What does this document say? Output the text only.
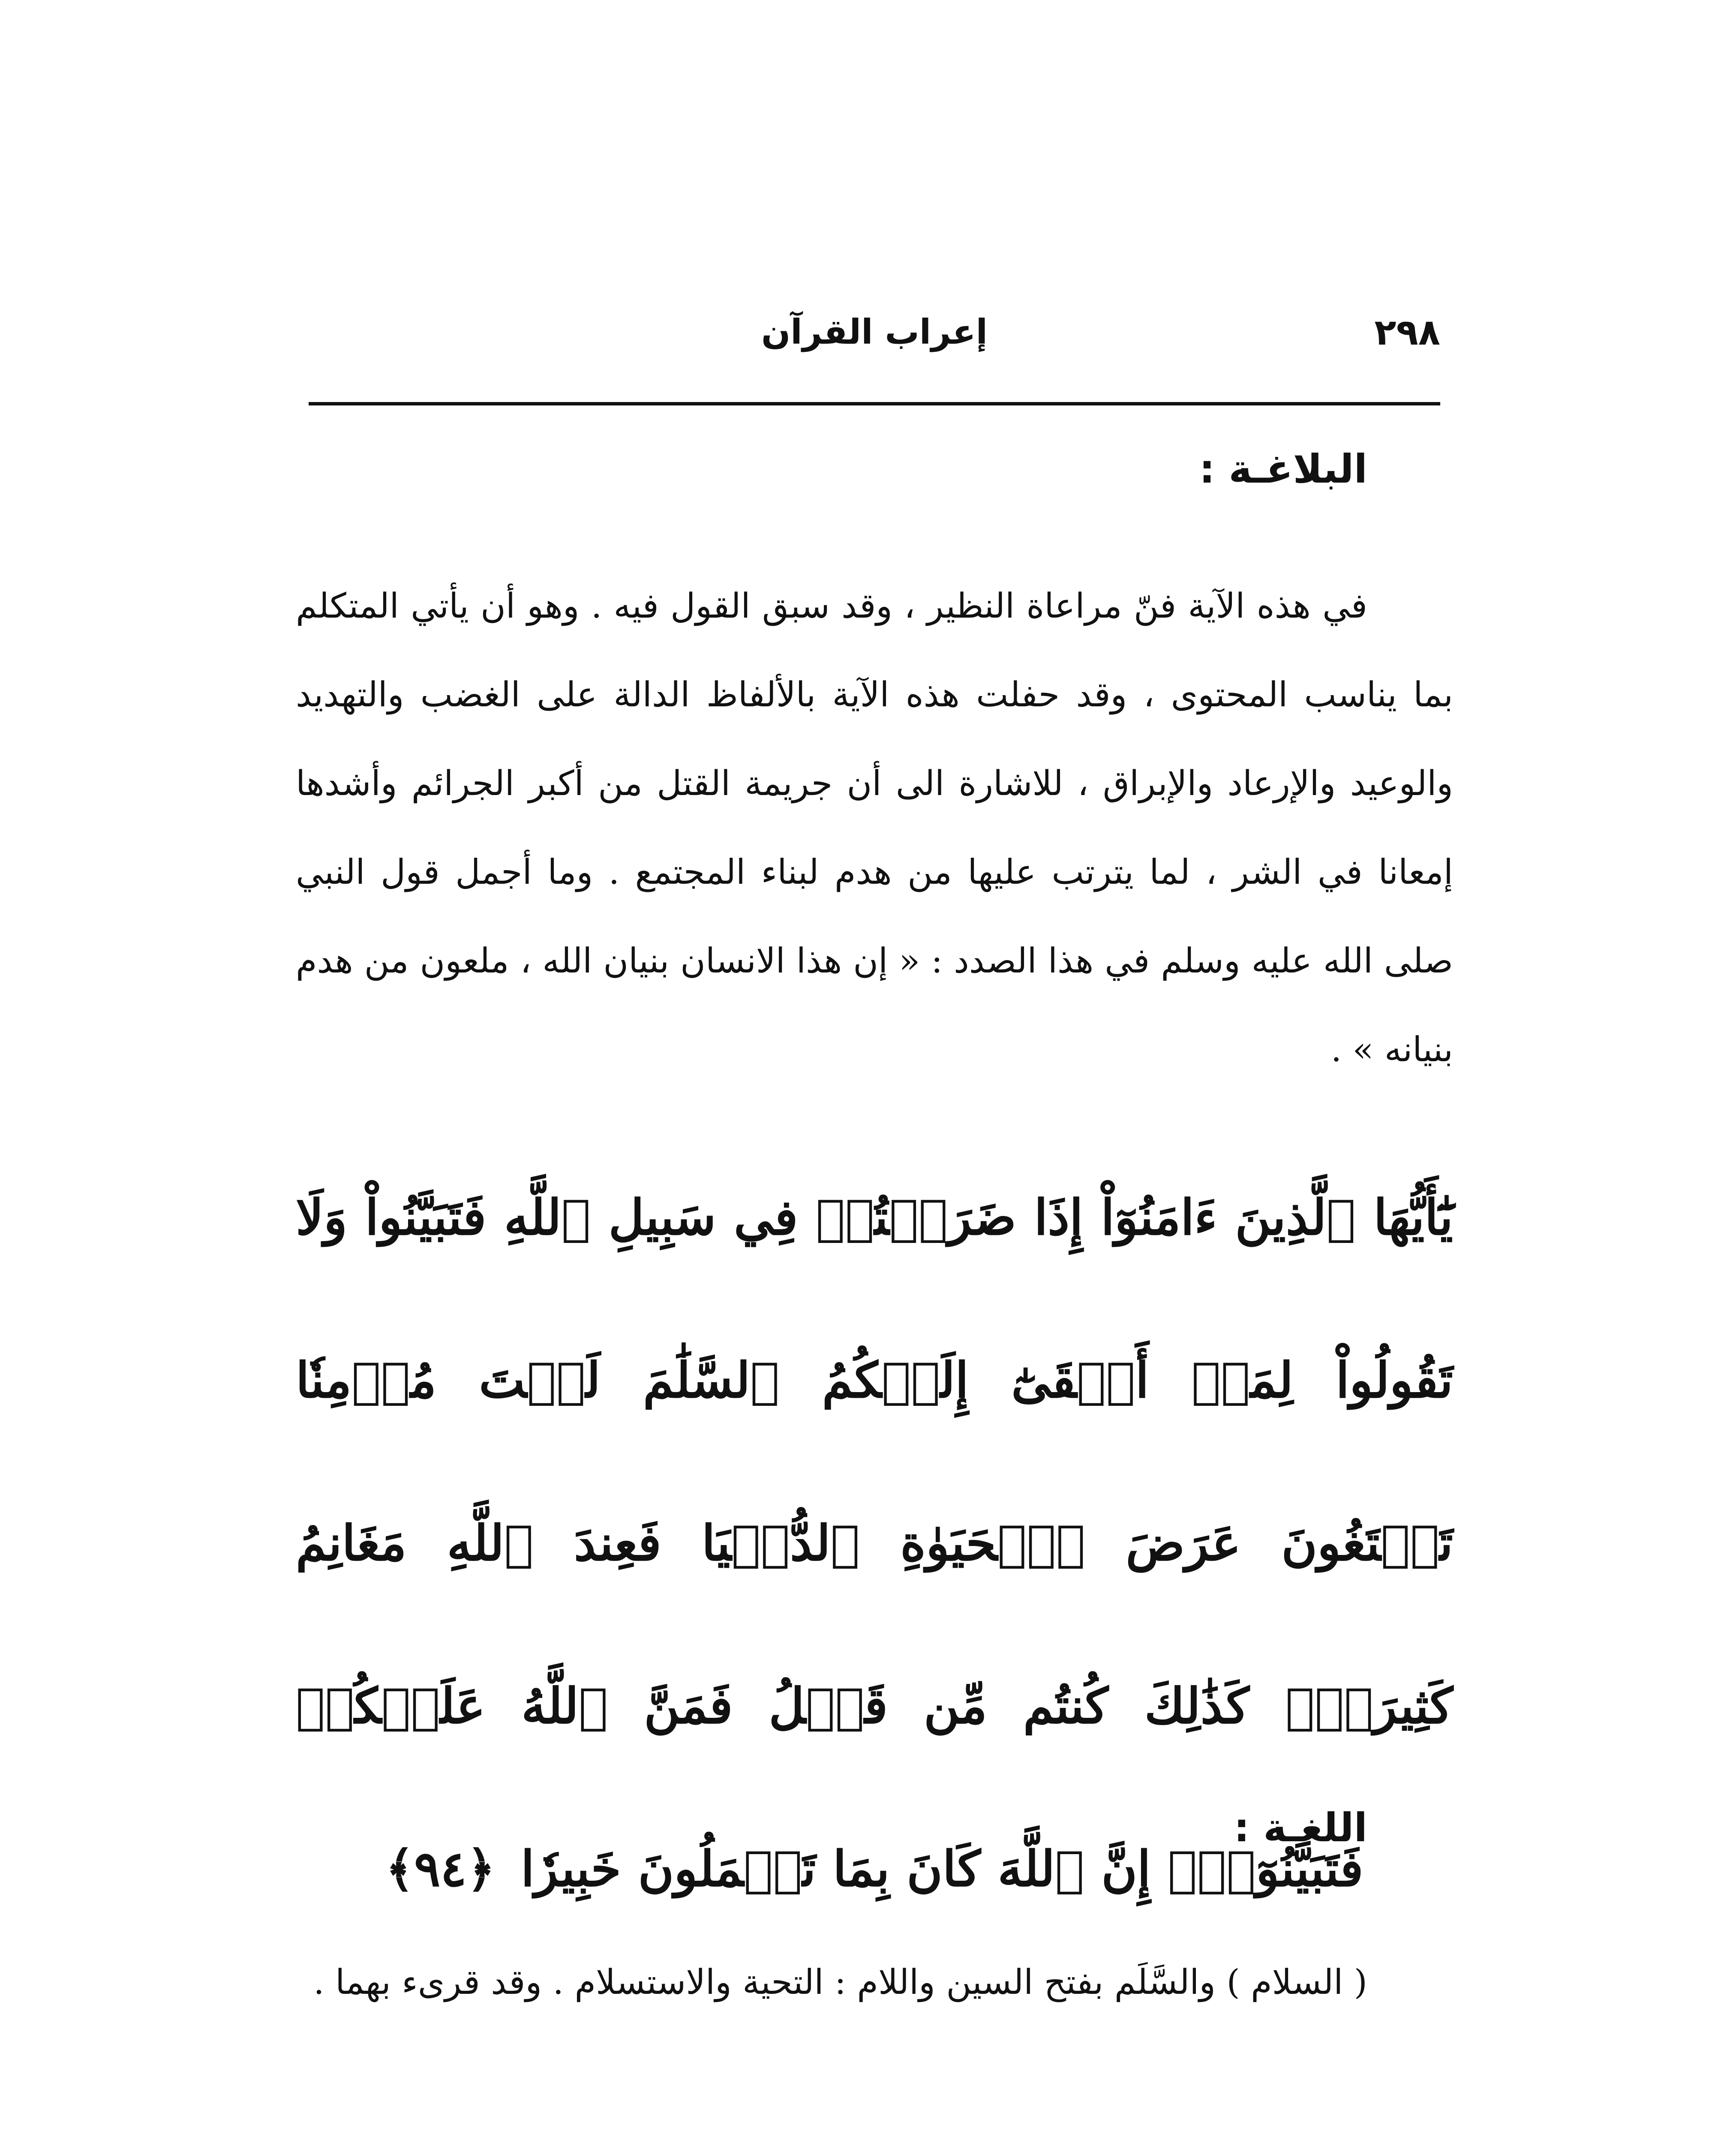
٢٩٨
إعراب القرآن
البلاغـة :
في هذه الآية فنّ مراعاة النظير ، وقد سبق القول فيه . وهو أن يأتي المتكلم بما يناسب المحتوى ، وقد حفلت هذه الآية بالألفاظ الدالة على الغضب والتهديد والوعيد والإرعاد والإبراق ، للاشارة الى أن جريمة القتل من أكبر الجرائم وأشدها إمعانا في الشر ، لما يترتب عليها من هدم لبناء المجتمع . وما أجمل قول النبي صلى الله عليه وسلم في هذا الصدد : « إن هذا الانسان بنيان الله ، ملعون من هدم بنيانه » .
يَٰٓأَيُّهَا ٱلَّذِينَ ءَامَنُوٓاْ إِذَا ضَرَبۡتُمۡ فِي سَبِيلِ ٱللَّهِ فَتَبَيَّنُواْ وَلَا تَقُولُواْ لِمَنۡ أَلۡقَىٰٓ إِلَيۡكُمُ ٱلسَّلَٰمَ لَسۡتَ مُؤۡمِنٗا تَبۡتَغُونَ عَرَضَ ٱلۡحَيَوٰةِ ٱلدُّنۡيَا فَعِندَ ٱللَّهِ مَغَانِمُ كَثِيرَةٞۚ كَذَٰلِكَ كُنتُم مِّن قَبۡلُ فَمَنَّ ٱللَّهُ عَلَيۡكُمۡ فَتَبَيَّنُوٓاْۚ إِنَّ ٱللَّهَ كَانَ بِمَا تَعۡمَلُونَ خَبِيرٗا ﴿٩٤﴾
اللغـة :
( السلام ) والسَّلَم بفتح السين واللام : التحية والاستسلام . وقد قرىء بهما .
